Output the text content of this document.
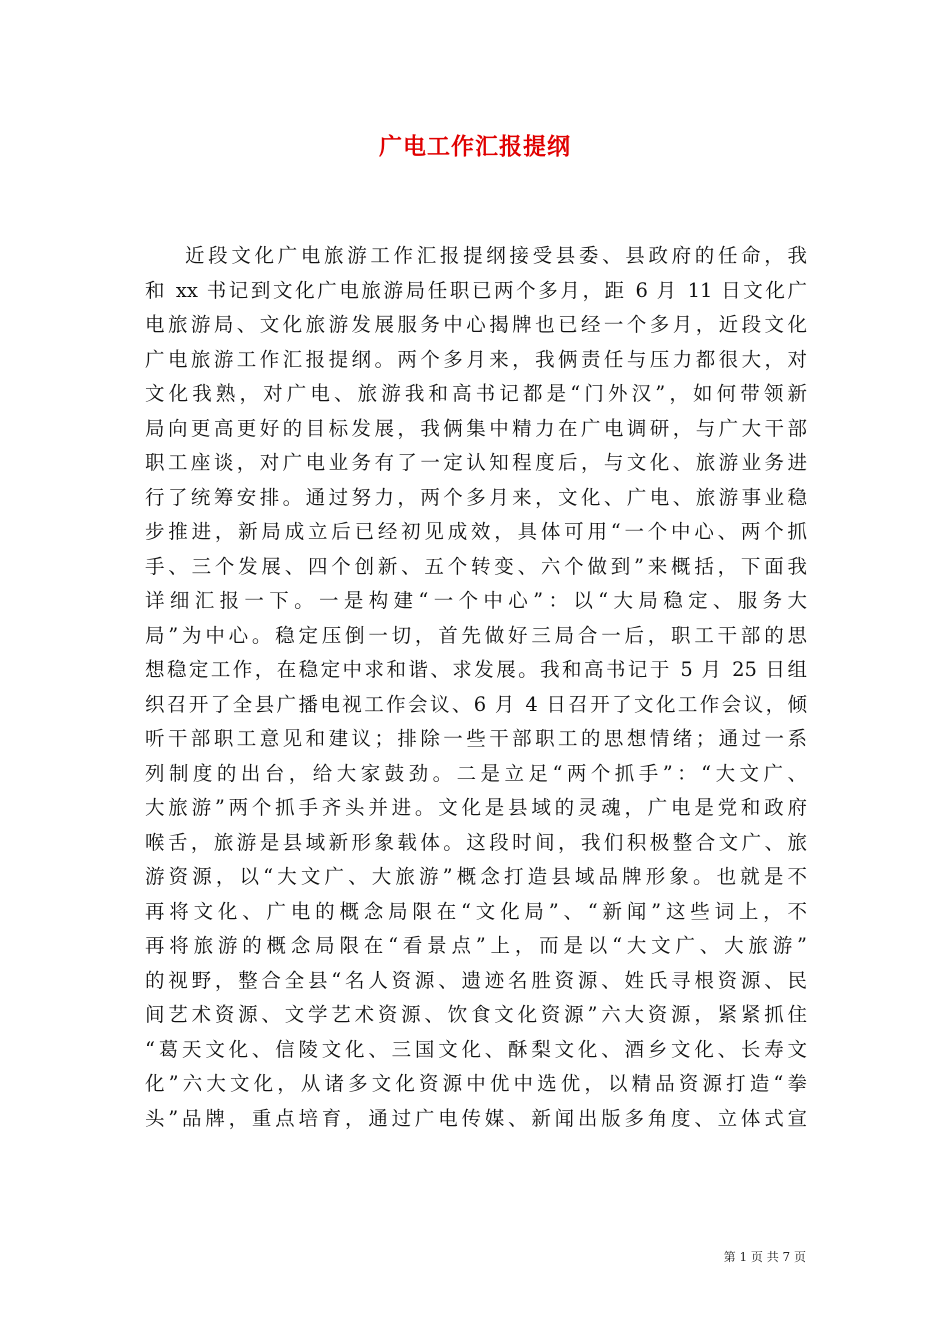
广电工作汇报提纲
近段文化广电旅游工作汇报提纲接受县委、县政府的任命，我
和 xx 书记到文化广电旅游局任职已两个多月，距 6 月 11 日文化广
电旅游局、文化旅游发展服务中心揭牌也已经一个多月，近段文化
广电旅游工作汇报提纲。两个多月来，我俩责任与压力都很大，对
文化我熟，对广电、旅游我和高书记都是“门外汉”，如何带领新
局向更高更好的目标发展，我俩集中精力在广电调研，与广大干部
职工座谈，对广电业务有了一定认知程度后，与文化、旅游业务进
行了统筹安排。通过努力，两个多月来，文化、广电、旅游事业稳
步推进，新局成立后已经初见成效，具体可用“一个中心、两个抓
手、三个发展、四个创新、五个转变、六个做到”来概括，下面我
详细汇报一下。一是构建“一个中心”：以“大局稳定、服务大
局”为中心。稳定压倒一切，首先做好三局合一后，职工干部的思
想稳定工作，在稳定中求和谐、求发展。我和高书记于 5 月 25 日组
织召开了全县广播电视工作会议、6 月 4 日召开了文化工作会议，倾
听干部职工意见和建议；排除一些干部职工的思想情绪；通过一系
列制度的出台，给大家鼓劲。二是立足“两个抓手”：“大文广、
大旅游”两个抓手齐头并进。文化是县域的灵魂，广电是党和政府
喉舌，旅游是县域新形象载体。这段时间，我们积极整合文广、旅
游资源，以“大文广、大旅游”概念打造县域品牌形象。也就是不
再将文化、广电的概念局限在“文化局”、“新闻”这些词上，不
再将旅游的概念局限在“看景点”上，而是以“大文广、大旅游”
的视野，整合全县“名人资源、遗迹名胜资源、姓氏寻根资源、民
间艺术资源、文学艺术资源、饮食文化资源”六大资源，紧紧抓住
“葛天文化、信陵文化、三国文化、酥梨文化、酒乡文化、长寿文
化”六大文化，从诸多文化资源中优中选优，以精品资源打造“拳
头”品牌，重点培育，通过广电传媒、新闻出版多角度、立体式宣
第 1 页 共 7 页
